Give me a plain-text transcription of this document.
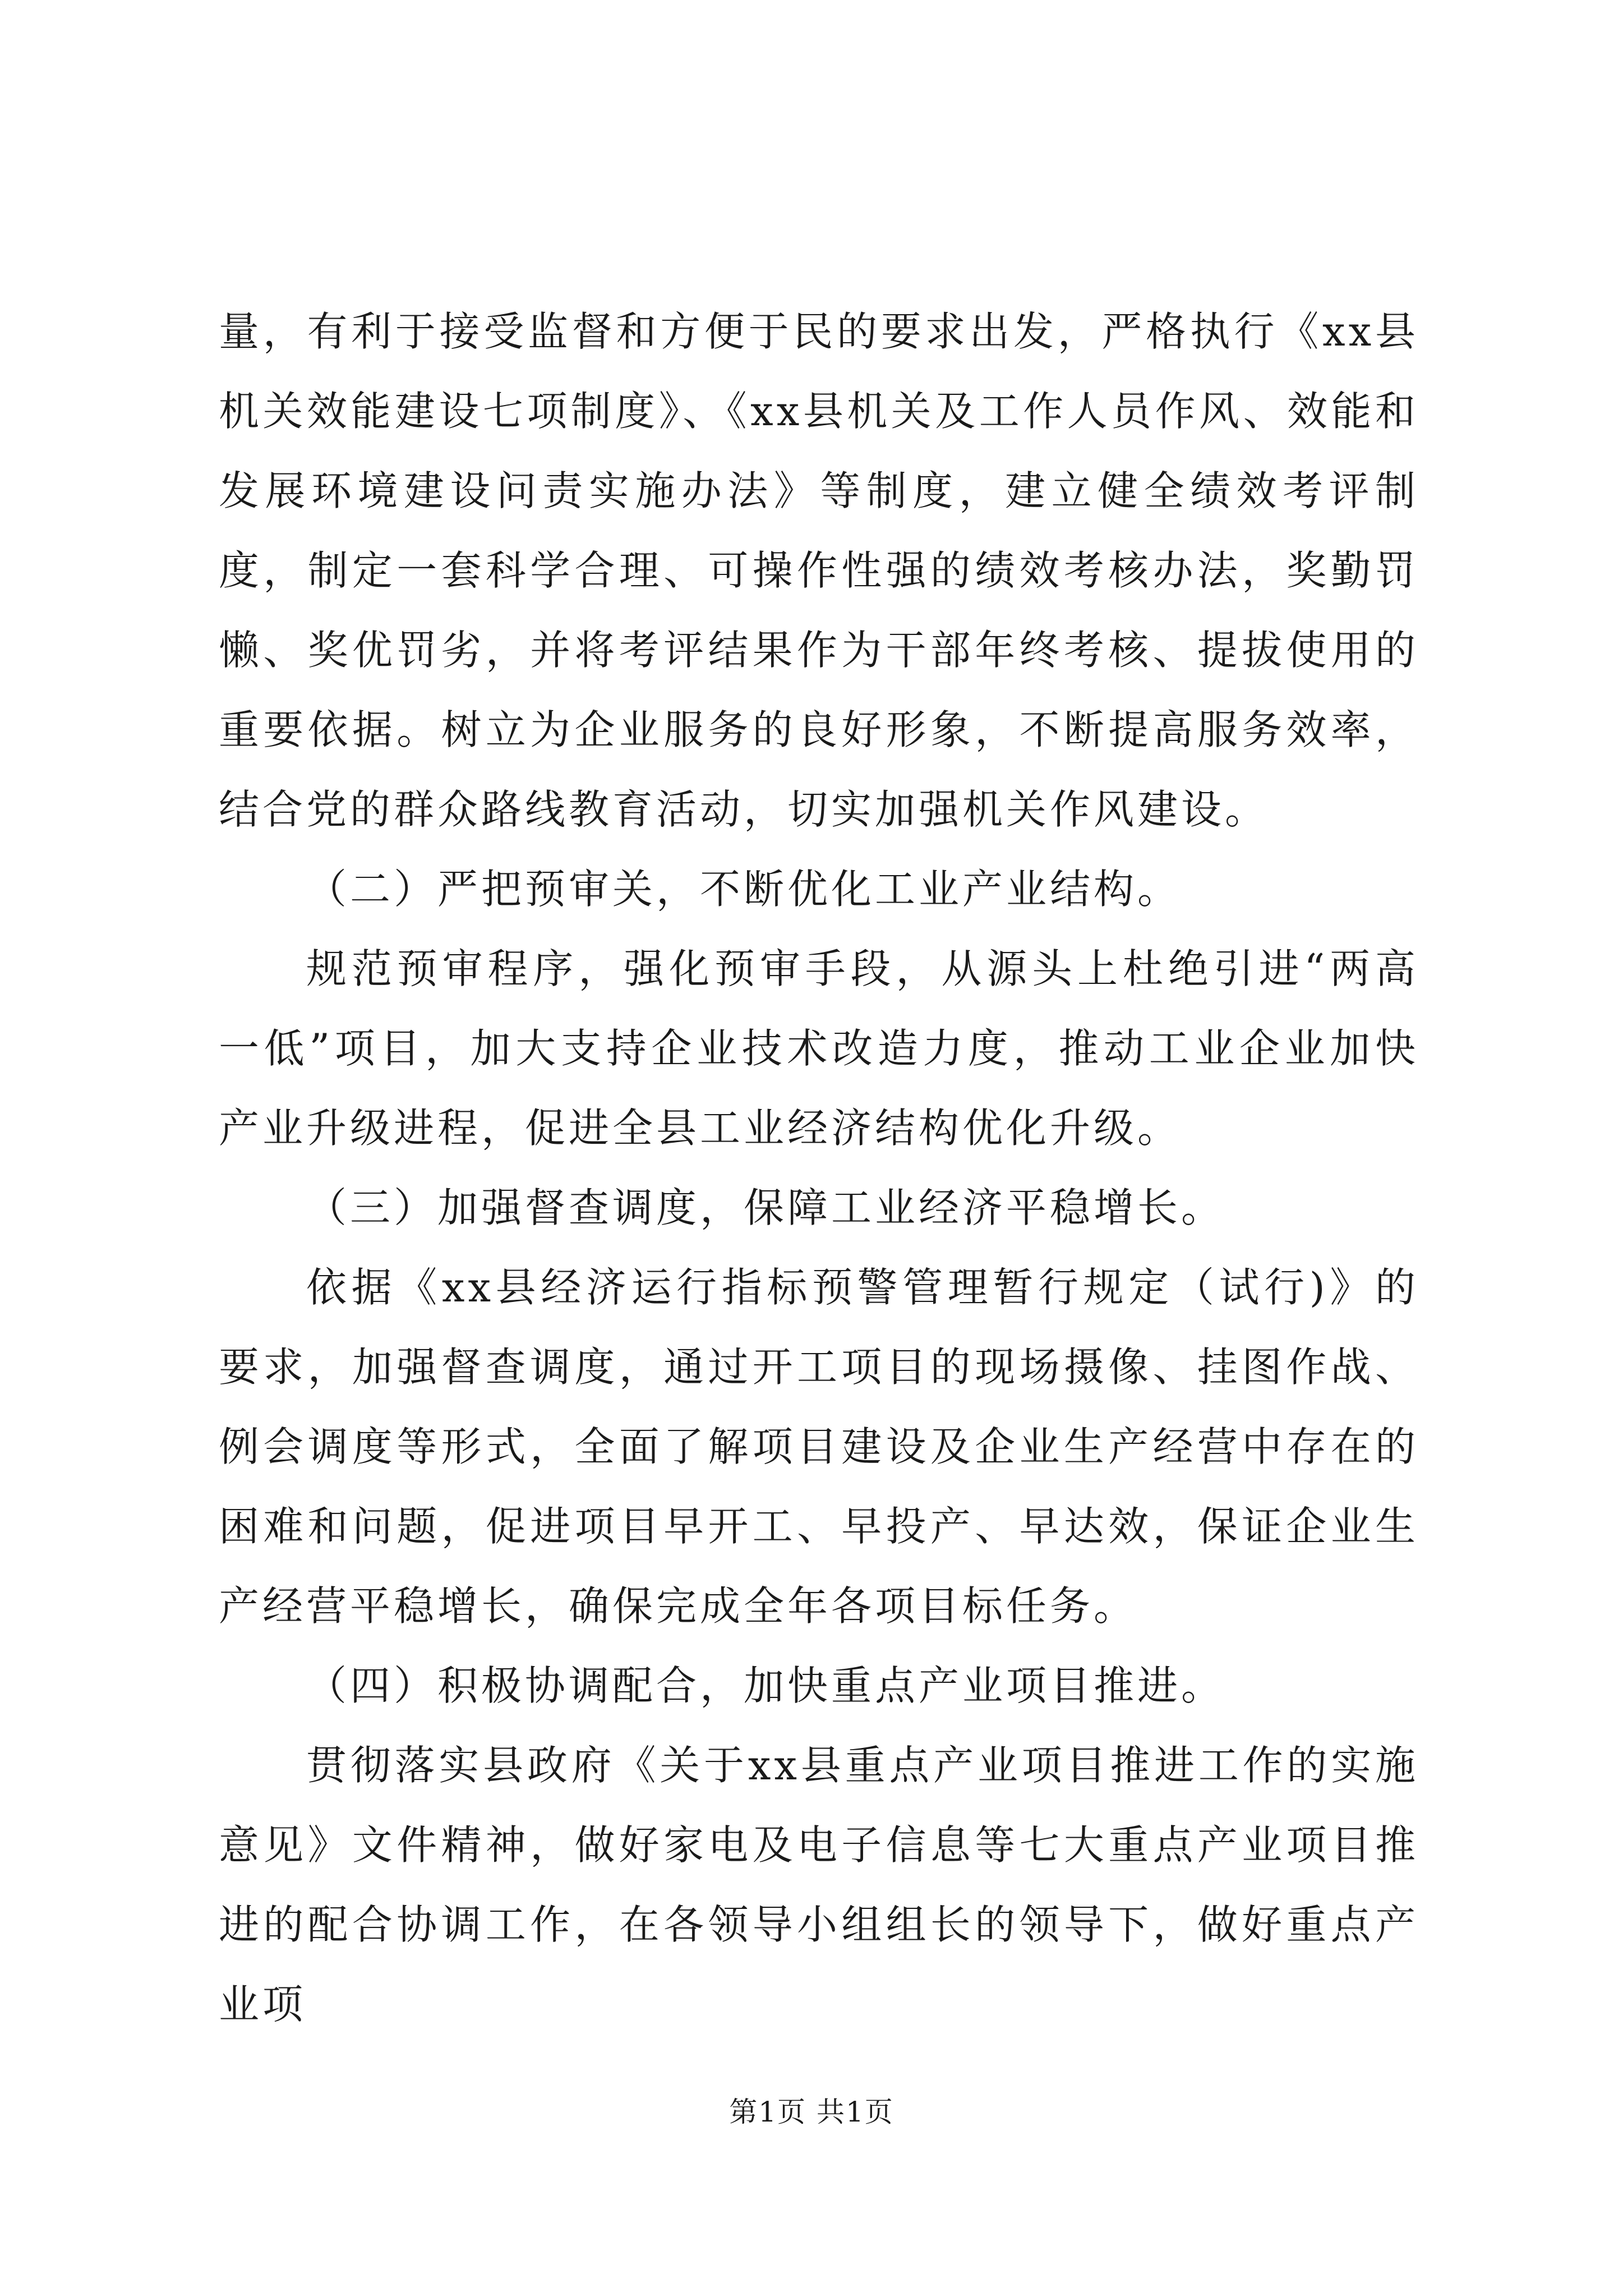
量，有利于接受监督和方便于民的要求出发，严格执行《xx县机关效能建设七项制度》、《xx县机关及工作人员作风、效能和发展环境建设问责实施办法》等制度，建立健全绩效考评制度，制定一套科学合理、可操作性强的绩效考核办法，奖勤罚懒、奖优罚劣，并将考评结果作为干部年终考核、提拔使用的重要依据。树立为企业服务的良好形象，不断提高服务效率，结合党的群众路线教育活动，切实加强机关作风建设。

（二）严把预审关，不断优化工业产业结构。

规范预审程序，强化预审手段，从源头上杜绝引进“两高一低”项目，加大支持企业技术改造力度，推动工业企业加快产业升级进程，促进全县工业经济结构优化升级。

（三）加强督查调度，保障工业经济平稳增长。

依据《xx县经济运行指标预警管理暂行规定（试行)》的要求，加强督查调度，通过开工项目的现场摄像、挂图作战、例会调度等形式，全面了解项目建设及企业生产经营中存在的困难和问题，促进项目早开工、早投产、早达效，保证企业生产经营平稳增长，确保完成全年各项目标任务。

（四）积极协调配合，加快重点产业项目推进。

贯彻落实县政府《关于xx县重点产业项目推进工作的实施意见》文件精神，做好家电及电子信息等七大重点产业项目推进的配合协调工作，在各领导小组组长的领导下，做好重点产业项

第1页 共1页
